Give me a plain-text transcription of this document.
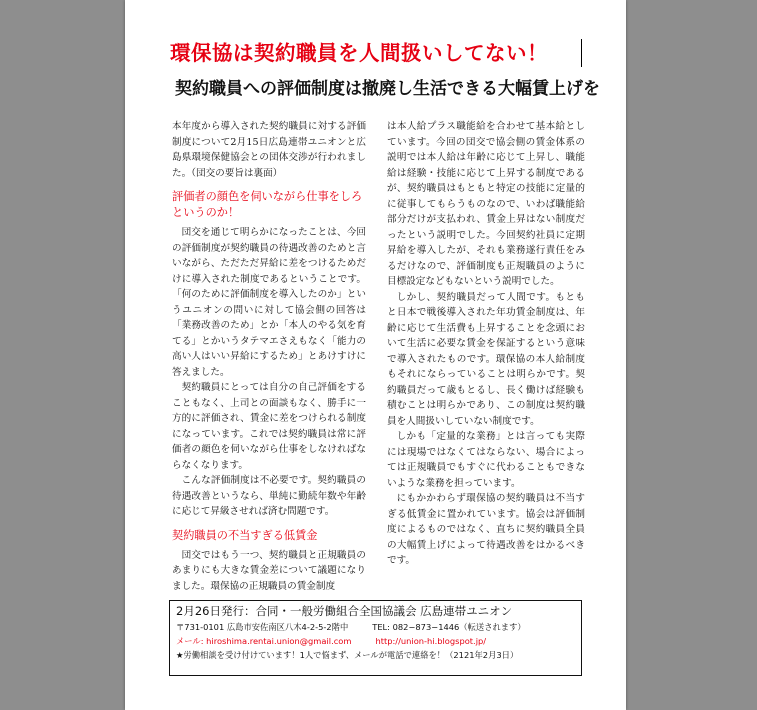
環保協は契約職員を人間扱いしてない！
契約職員への評価制度は撤廃し生活できる大幅賃上げを

本年度から導入された契約職員に対する評価制度について2月15日広島連帯ユニオンと広島県環境保健協会との団体交渉が行われました。（団交の要旨は裏面）

評価者の顔色を伺いながら仕事をしろというのか！

団交を通じて明らかになったことは、今回の評価制度が契約職員の待遇改善のためと言いながら、ただただ昇給に差をつけるためだけに導入された制度であるということです。「何のために評価制度を導入したのか」というユニオンの問いに対して協会側の回答は「業務改善のため」とか「本人のやる気を育てる」とかいうタテマエさえもなく「能力の高い人はいい昇給にするため」とあけすけに答えました。

契約職員にとっては自分の自己評価をすることもなく、上司との面談もなく、勝手に一方的に評価され、賃金に差をつけられる制度になっています。これでは契約職員は常に評価者の顔色を伺いながら仕事をしなければならなくなります。

こんな評価制度は不必要です。契約職員の待遇改善というなら、単純に勤続年数や年齢に応じて昇級させれば済む問題です。

契約職員の不当すぎる低賃金

団交ではもう一つ、契約職員と正規職員のあまりにも大きな賃金差について議題になりました。環保協の正規職員の賃金制度

は本人給プラス職能給を合わせて基本給としています。今回の団交で協会側の賃金体系の説明では本人給は年齢に応じて上昇し、職能給は経験・技能に応じて上昇する制度であるが、契約職員はもともと特定の技能に定量的に従事してもらうものなので、いわば職能給部分だけが支払われ、賃金上昇はない制度だったという説明でした。今回契約社員に定期昇給を導入したが、それも業務遂行責任をみるだけなので、評価制度も正規職員のように目標設定などもないという説明でした。

しかし、契約職員だって人間です。もともと日本で戦後導入された年功賃金制度は、年齢に応じて生活費も上昇することを念頭において生活に必要な賃金を保証するという意味で導入されたものです。環保協の本人給制度もそれにならっていることは明らかです。契約職員だって歳もとるし、長く働けば経験も積むことは明らかであり、この制度は契約職員を人間扱いしていない制度です。

しかも「定量的な業務」とは言っても実際には現場ではなくてはならない、場合によっては正規職員でもすぐに代わることもできないような業務を担っています。

にもかかわらず環保協の契約職員は不当すぎる低賃金に置かれています。協会は評価制度によるものではなく、直ちに契約職員全員の大幅賃上げによって待遇改善をはかるべきです。

2月26日発行：合同・一般労働組合全国協議会 広島連帯ユニオン
〒731-0101 広島市安佐南区八木4-2-5-2階中	TEL: 082−873−1446（転送されます）
メール: hiroshima.rentai.union@gmail.com	http://union-hi.blogspot.jp/
★労働相談を受け付けています！1人で悩まず、メールが電話で連絡を！（2121年2月3日）
